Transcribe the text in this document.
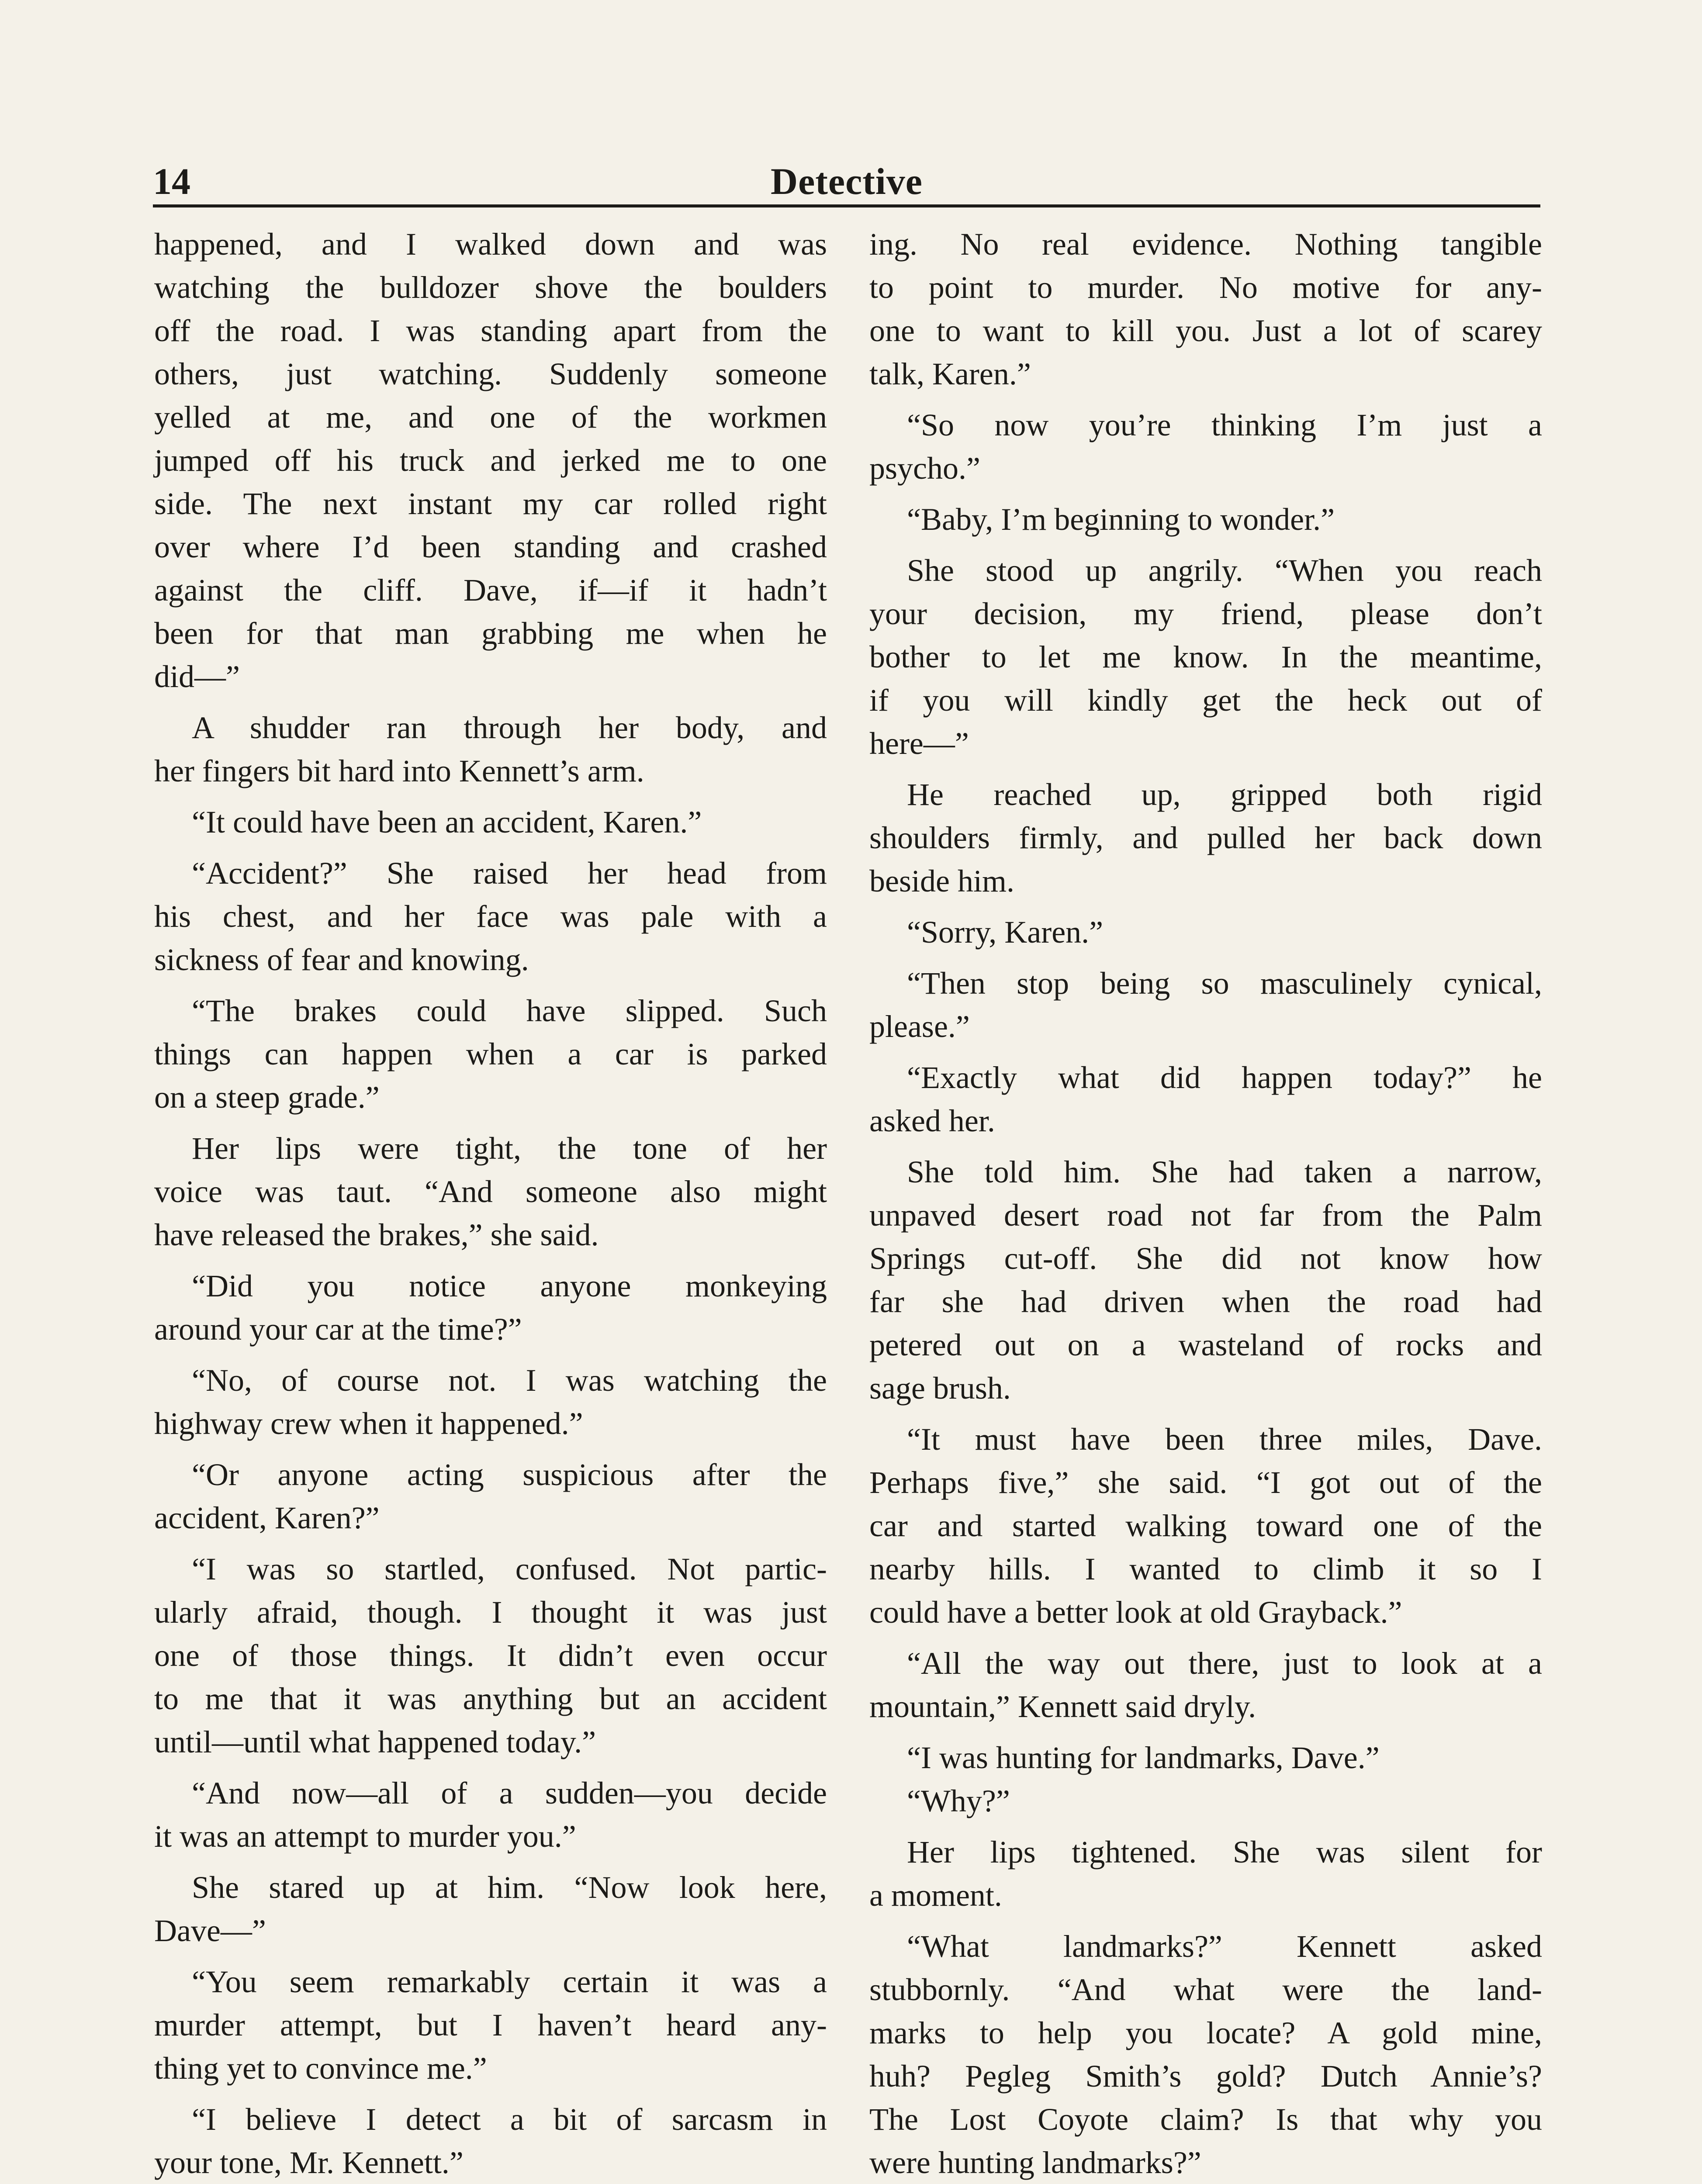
14	Detective
happened, and I walked down and was
watching the bulldozer shove the boulders
off the road. I was standing apart from the
others, just watching. Suddenly someone
yelled at me, and one of the workmen
jumped off his truck and jerked me to one
side. The next instant my car rolled right
over where I’d been standing and crashed
against the cliff. Dave, if—if it hadn’t
been for that man grabbing me when he
did—”
A shudder ran through her body, and
her fingers bit hard into Kennett’s arm.
“It could have been an accident, Karen.”
“Accident?” She raised her head from
his chest, and her face was pale with a
sickness of fear and knowing.
“The brakes could have slipped. Such
things can happen when a car is parked
on a steep grade.”
Her lips were tight, the tone of her
voice was taut. “And someone also might
have released the brakes,” she said.
“Did you notice anyone monkeying
around your car at the time?”
“No, of course not. I was watching the
highway crew when it happened.”
“Or anyone acting suspicious after the
accident, Karen?”
“I was so startled, confused. Not partic-
ularly afraid, though. I thought it was just
one of those things. It didn’t even occur
to me that it was anything but an accident
until—until what happened today.”
“And now—all of a sudden—you decide
it was an attempt to murder you.”
She stared up at him. “Now look here,
Dave—”
“You seem remarkably certain it was a
murder attempt, but I haven’t heard any-
thing yet to convince me.”
“I believe I detect a bit of sarcasm in
your tone, Mr. Kennett.”
ing. No real evidence. Nothing tangible
to point to murder. No motive for any-
one to want to kill you. Just a lot of scarey
talk, Karen.”
“So now you’re thinking I’m just a
psycho.”
“Baby, I’m beginning to wonder.”
She stood up angrily. “When you reach
your decision, my friend, please don’t
bother to let me know. In the meantime,
if you will kindly get the heck out of
here—”
He reached up, gripped both rigid
shoulders firmly, and pulled her back down
beside him.
“Sorry, Karen.”
“Then stop being so masculinely cynical,
please.”
“Exactly what did happen today?” he
asked her.
She told him. She had taken a narrow,
unpaved desert road not far from the Palm
Springs cut-off. She did not know how
far she had driven when the road had
petered out on a wasteland of rocks and
sage brush.
“It must have been three miles, Dave.
Perhaps five,” she said. “I got out of the
car and started walking toward one of the
nearby hills. I wanted to climb it so I
could have a better look at old Grayback.”
“All the way out there, just to look at a
mountain,” Kennett said dryly.
“I was hunting for landmarks, Dave.”
“Why?”
Her lips tightened. She was silent for
a moment.
“What landmarks?” Kennett asked
stubbornly. “And what were the land-
marks to help you locate? A gold mine,
huh? Pegleg Smith’s gold? Dutch Annie’s?
The Lost Coyote claim? Is that why you
were hunting landmarks?”
